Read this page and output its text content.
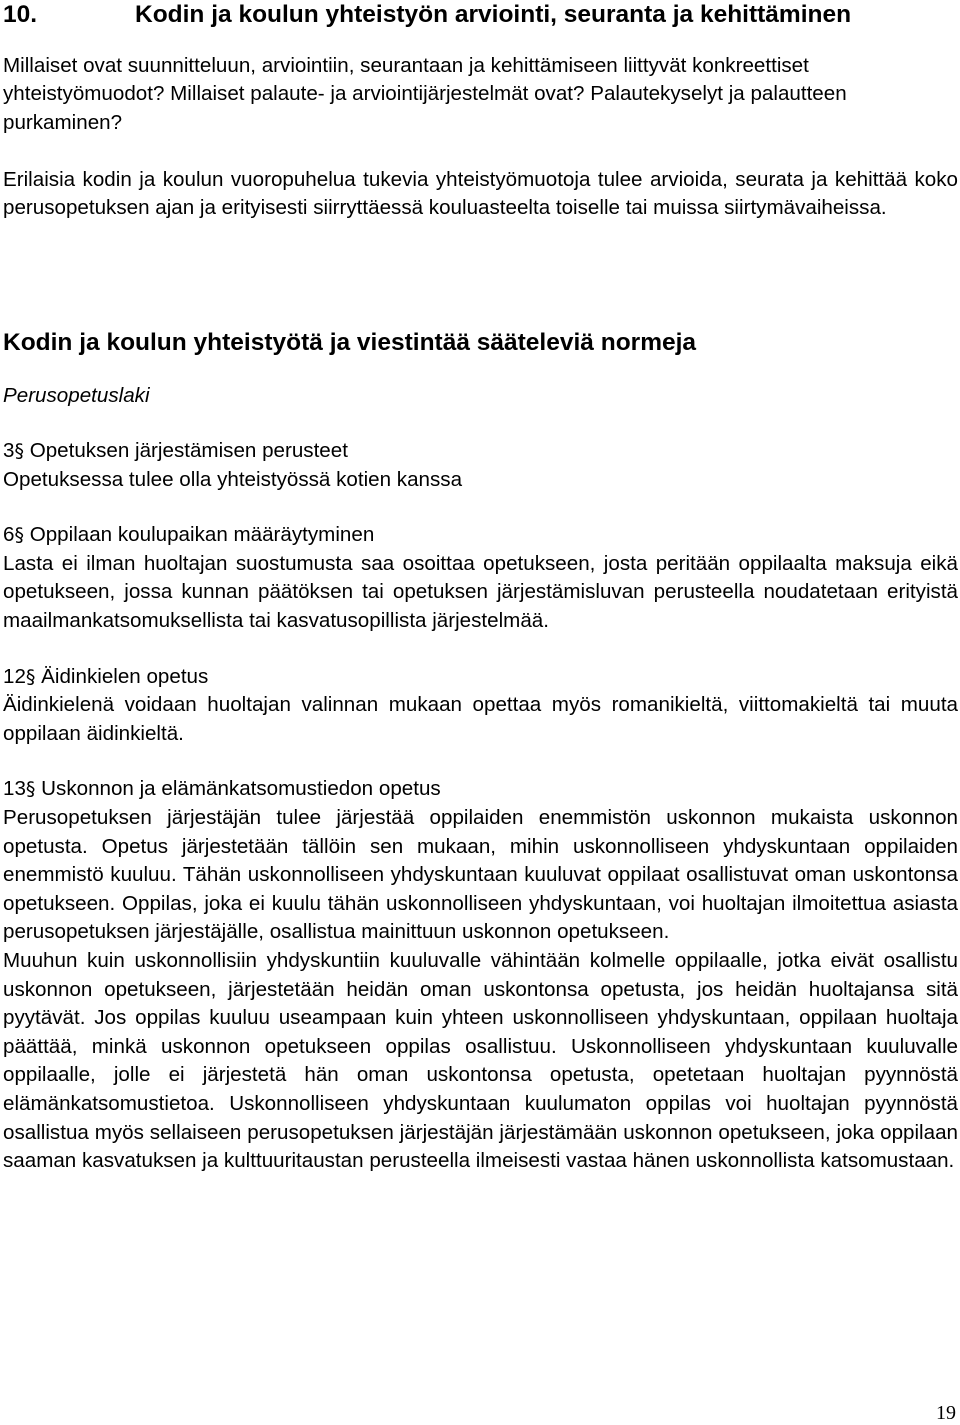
10.	Kodin ja koulun yhteistyön arviointi, seuranta ja kehittäminen

Millaiset ovat suunnitteluun, arviointiin, seurantaan ja kehittämiseen liittyvät konkreettiset yhteistyömuodot? Millaiset palaute- ja arviointijärjestelmät ovat? Palautekyselyt ja palautteen purkaminen?

Erilaisia kodin ja koulun vuoropuhelua tukevia yhteistyömuotoja tulee arvioida, seurata ja kehittää koko perusopetuksen ajan ja erityisesti siirryttäessä kouluasteelta toiselle tai muissa siirtymävaiheissa.

Kodin ja koulun yhteistyötä ja viestintää sääteleviä normeja

Perusopetuslaki

3§ Opetuksen järjestämisen perusteet

Opetuksessa tulee olla yhteistyössä kotien kanssa

6§ Oppilaan koulupaikan määräytyminen

Lasta ei ilman huoltajan suostumusta saa osoittaa opetukseen, josta peritään oppilaalta maksuja eikä opetukseen, jossa kunnan päätöksen tai opetuksen järjestämisluvan perusteella noudatetaan erityistä maailmankatsomuksellista tai kasvatusopillista järjestelmää.

12§ Äidinkielen opetus

Äidinkielenä voidaan huoltajan valinnan mukaan opettaa myös romanikieltä, viittomakieltä tai muuta oppilaan äidinkieltä.

13§ Uskonnon ja elämänkatsomustiedon opetus

Perusopetuksen järjestäjän tulee järjestää oppilaiden enemmistön uskonnon mukaista uskonnon opetusta. Opetus järjestetään tällöin sen mukaan, mihin uskonnolliseen yhdyskuntaan oppilaiden enemmistö kuuluu. Tähän uskonnolliseen yhdyskuntaan kuuluvat oppilaat osallistuvat oman uskontonsa opetukseen. Oppilas, joka ei kuulu tähän uskonnolliseen yhdyskuntaan, voi huoltajan ilmoitettua asiasta perusopetuksen järjestäjälle, osallistua mainittuun uskonnon opetukseen.

Muuhun kuin uskonnollisiin yhdyskuntiin kuuluvalle vähintään kolmelle oppilaalle, jotka eivät osallistu uskonnon opetukseen, järjestetään heidän oman uskontonsa opetusta, jos heidän huoltajansa sitä pyytävät. Jos oppilas kuuluu useampaan kuin yhteen uskonnolliseen yhdyskuntaan, oppilaan huoltaja päättää, minkä uskonnon opetukseen oppilas osallistuu. Uskonnolliseen yhdyskuntaan kuuluvalle oppilaalle, jolle ei järjestetä hän oman uskontonsa opetusta, opetetaan huoltajan pyynnöstä elämänkatsomustietoa. Uskonnolliseen yhdyskuntaan kuulumaton oppilas voi huoltajan pyynnöstä osallistua myös sellaiseen perusopetuksen järjestäjän järjestämään uskonnon opetukseen, joka oppilaan saaman kasvatuksen ja kulttuuritaustan perusteella ilmeisesti vastaa hänen uskonnollista katsomustaan.

19
